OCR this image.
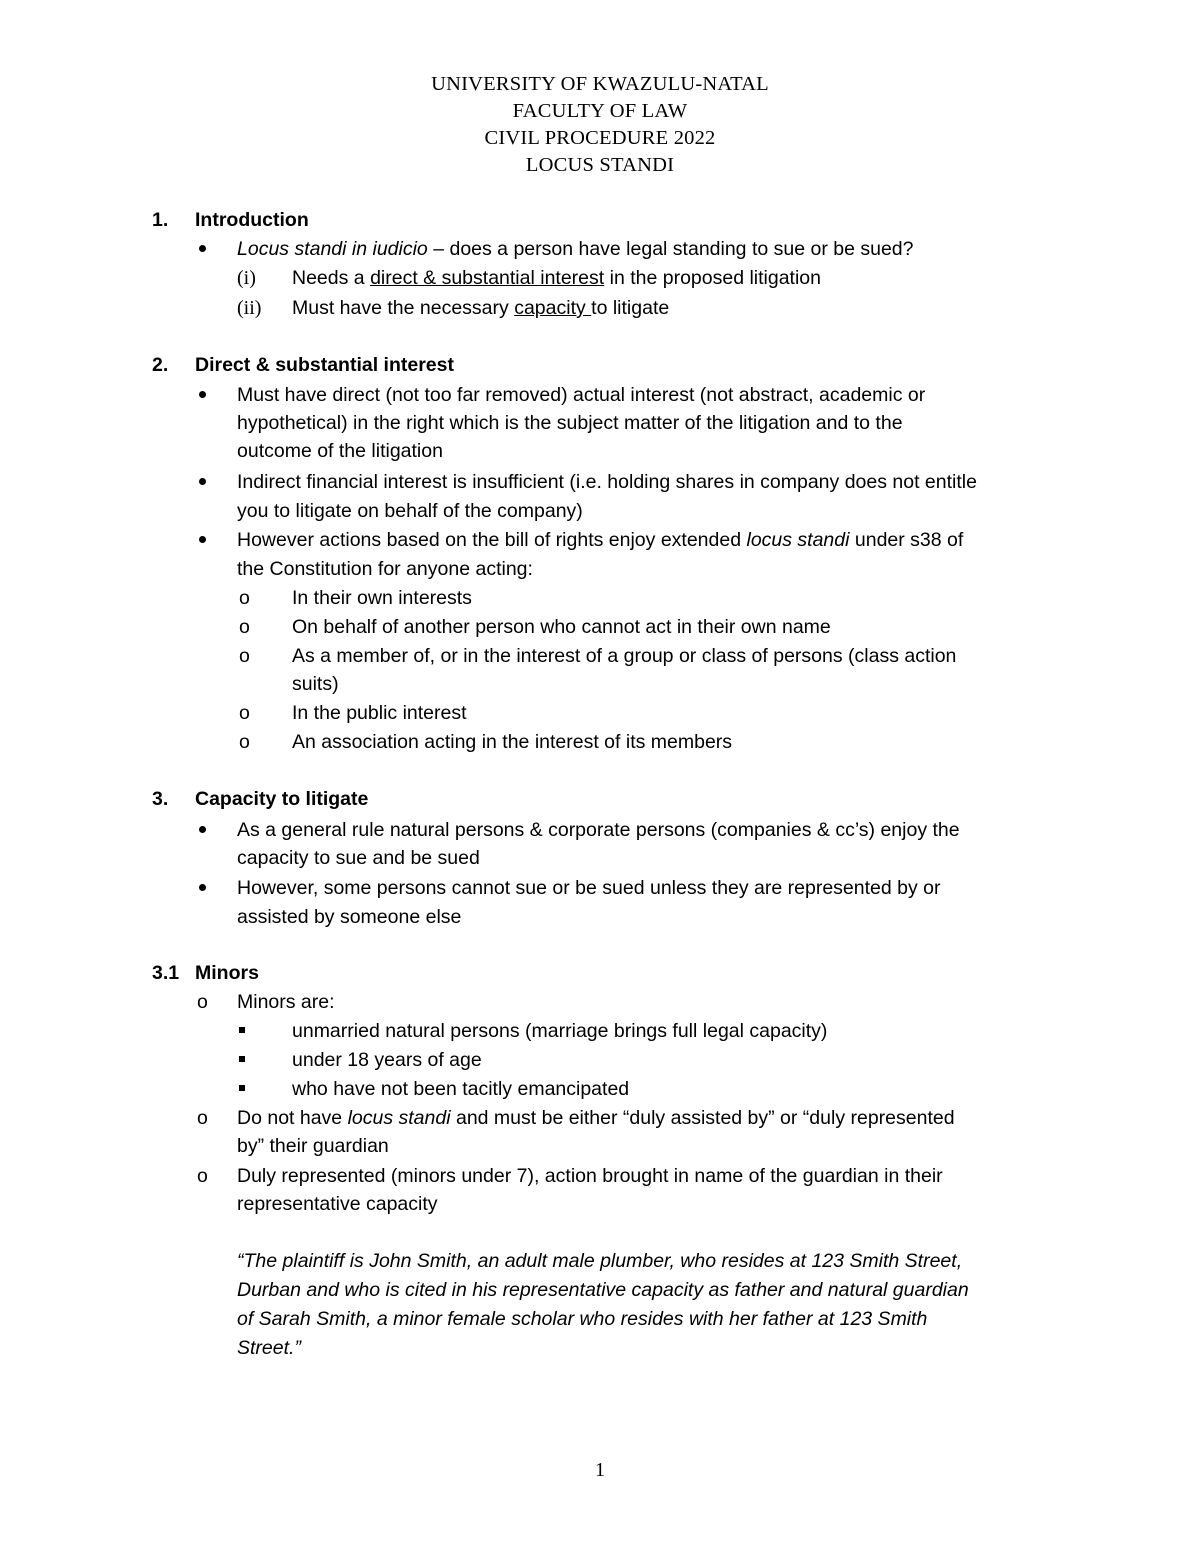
UNIVERSITY OF KWAZULU-NATAL
FACULTY OF LAW
CIVIL PROCEDURE 2022
LOCUS STANDI
1. Introduction
Locus standi in iudicio – does a person have legal standing to sue or be sued?
(i) Needs a direct & substantial interest in the proposed litigation
(ii) Must have the necessary capacity to litigate
2. Direct & substantial interest
Must have direct (not too far removed) actual interest (not abstract, academic or
hypothetical) in the right which is the subject matter of the litigation and to the
outcome of the litigation
Indirect financial interest is insufficient (i.e. holding shares in company does not entitle
you to litigate on behalf of the company)
However actions based on the bill of rights enjoy extended locus standi under s38 of
the Constitution for anyone acting:
o In their own interests
o On behalf of another person who cannot act in their own name
o As a member of, or in the interest of a group or class of persons (class action
suits)
o In the public interest
o An association acting in the interest of its members
3. Capacity to litigate
As a general rule natural persons & corporate persons (companies & cc’s) enjoy the
capacity to sue and be sued
However, some persons cannot sue or be sued unless they are represented by or
assisted by someone else
3.1 Minors
o Minors are:
unmarried natural persons (marriage brings full legal capacity)
under 18 years of age
who have not been tacitly emancipated
o Do not have locus standi and must be either “duly assisted by” or “duly represented
by” their guardian
o Duly represented (minors under 7), action brought in name of the guardian in their
representative capacity
“The plaintiff is John Smith, an adult male plumber, who resides at 123 Smith Street,
Durban and who is cited in his representative capacity as father and natural guardian
of Sarah Smith, a minor female scholar who resides with her father at 123 Smith
Street.”
1
